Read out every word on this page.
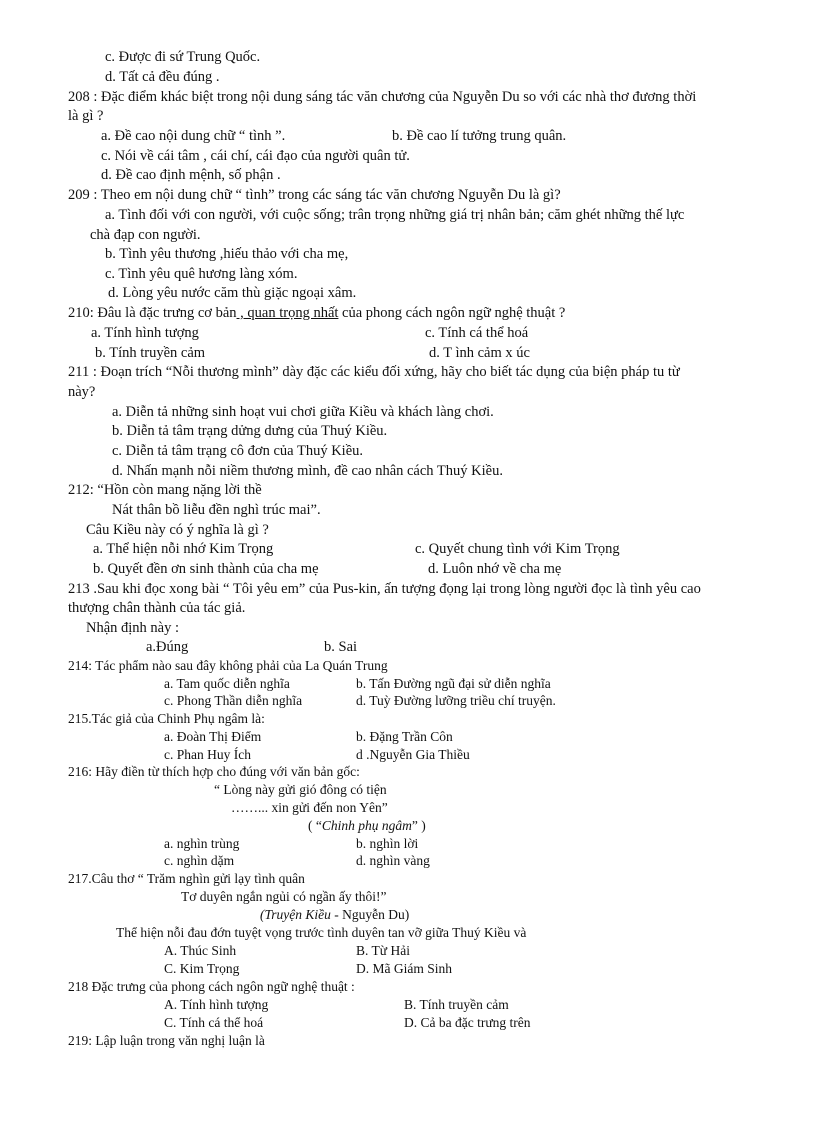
c. Được đi sứ Trung Quốc.
d. Tất cả đều đúng .
208 : Đặc điểm khác biệt trong nội dung sáng tác văn chương của Nguyễn Du so với các nhà thơ đương thời
là gì ?
a. Đề cao nội dung chữ “ tình ”.	b. Đề cao lí tưởng trung quân.
c. Nói về cái tâm , cái chí, cái đạo của người quân tử.
d. Đề cao định mệnh, số phận .
209 : Theo em nội dung chữ “ tình” trong các sáng tác văn chương Nguyễn Du là gì?
a. Tình đối với con người, với cuộc sống; trân trọng những giá trị nhân bản; căm ghét những thế lực
chà đạp con người.
b. Tình yêu thương ,hiếu thảo với cha mẹ,
c. Tình yêu quê hương làng xóm.
d. Lòng yêu nước căm thù giặc ngoại xâm.
210: Đâu là đặc trưng cơ bản , quan trọng nhất của phong cách ngôn ngữ nghệ thuật ?
a. Tính hình tượng	c. Tính cá thể hoá
b. Tính truyền cảm	d. T ình cảm x úc
211 : Đoạn trích “Nỗi thương mình” dày đặc các kiểu đối xứng, hãy cho biết tác dụng của biện pháp tu từ
này?
a. Diễn tả những sinh hoạt vui chơi giữa Kiều và khách làng chơi.
b. Diễn tả tâm trạng dửng dưng của Thuý Kiều.
c. Diễn tả tâm trạng cô đơn của Thuý Kiều.
d. Nhấn mạnh nỗi niềm thương mình, đề cao nhân cách Thuý Kiều.
212: “Hồn còn mang nặng lời thề
Nát thân bồ liễu đền nghì trúc mai”.
Câu Kiều này có ý nghĩa là gì ?
a. Thể hiện nỗi nhớ Kim Trọng	c. Quyết chung tình với Kim Trọng
b. Quyết đền ơn sinh thành của cha mẹ	d. Luôn nhớ về cha mẹ
213 .Sau khi đọc xong bài “ Tôi yêu em” của Pus-kin, ấn tượng đọng lại trong lòng người đọc là tình yêu cao
thượng chân thành của tác giả.
Nhận định này :
a.Đúng	b. Sai
214: Tác phẩm nào sau đây không phải của La Quán Trung
a. Tam quốc diễn nghĩa	b. Tấn Đường ngũ đại sử diễn nghĩa
c. Phong Thần diễn nghĩa	d. Tuỳ Đường lưỡng triều chí truyện.
215.Tác giả của Chinh Phụ ngâm là:
a. Đoàn Thị Điểm	b. Đặng Trần Côn
c. Phan Huy Ích	d .Nguyễn Gia Thiều
216: Hãy điền từ thích hợp cho đúng với văn bản gốc:
“ Lòng này gửi gió đông có tiện
……... xin gửi đến non Yên”
( “Chinh phụ ngâm” )
a. nghìn trùng	b. nghìn lời
c. nghìn dặm	d. nghìn vàng
217.Câu thơ “ Trăm nghìn gửi lạy tình quân
Tơ duyên ngắn ngủi có ngần ấy thôi!”
(Truyện Kiều - Nguyễn Du)
Thể hiện nỗi đau đớn tuyệt vọng trước tình duyên tan vỡ giữa Thuý Kiều và
A. Thúc Sinh	B. Từ Hải
C. Kim Trọng	D. Mã Giám Sinh
218 Đặc trưng của phong cách ngôn ngữ nghệ thuật :
A. Tính hình tượng	B. Tính truyền cảm
C. Tính cá thể hoá	D. Cả ba đặc trưng trên
219: Lập luận trong văn nghị luận là
